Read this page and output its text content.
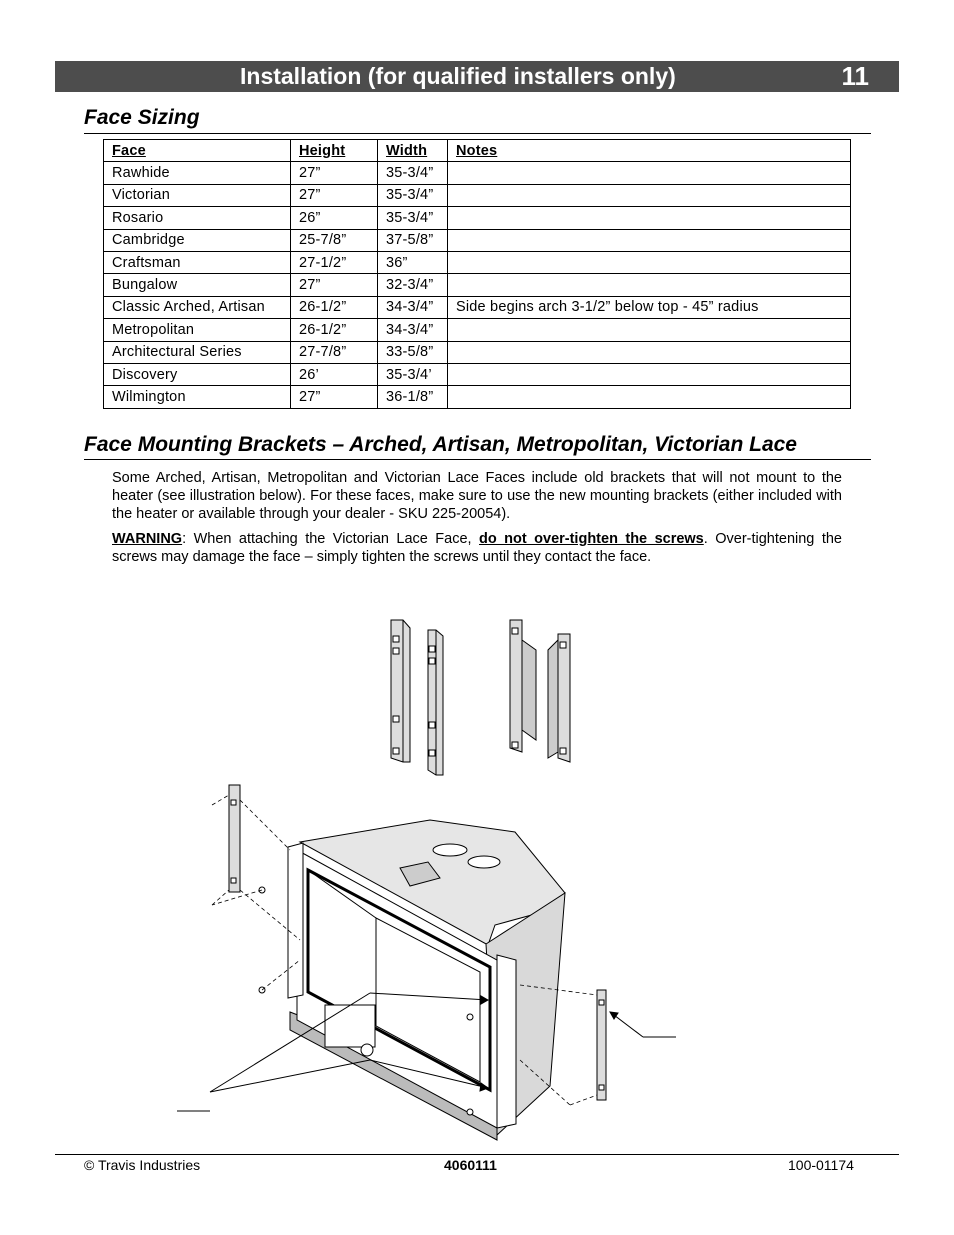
Installation (for qualified installers only)	11
Face Sizing
Face	Height	Width	Notes
Rawhide	27”	35-3/4”	
Victorian	27”	35-3/4”	
Rosario	26”	35-3/4”	
Cambridge	25-7/8”	37-5/8”	
Craftsman	27-1/2”	36”	
Bungalow	27”	32-3/4”	
Classic Arched, Artisan	26-1/2”	34-3/4”	Side begins arch 3-1/2” below top - 45” radius
Metropolitan	26-1/2”	34-3/4”	
Architectural Series	27-7/8”	33-5/8”	
Discovery	26’	35-3/4’	
Wilmington	27”	36-1/8”	
Face Mounting Brackets – Arched, Artisan, Metropolitan, Victorian Lace
Some Arched, Artisan, Metropolitan and Victorian Lace Faces include old brackets that will not mount to the heater (see illustration below). For these faces, make sure to use the new mounting brackets (either included with the heater or available through your dealer - SKU 225-20054).
WARNING: When attaching the Victorian Lace Face, do not over-tighten the screws. Over-tightening the screws may damage the face – simply tighten the screws until they contact the face.
© Travis Industries	4060111	100-01174
